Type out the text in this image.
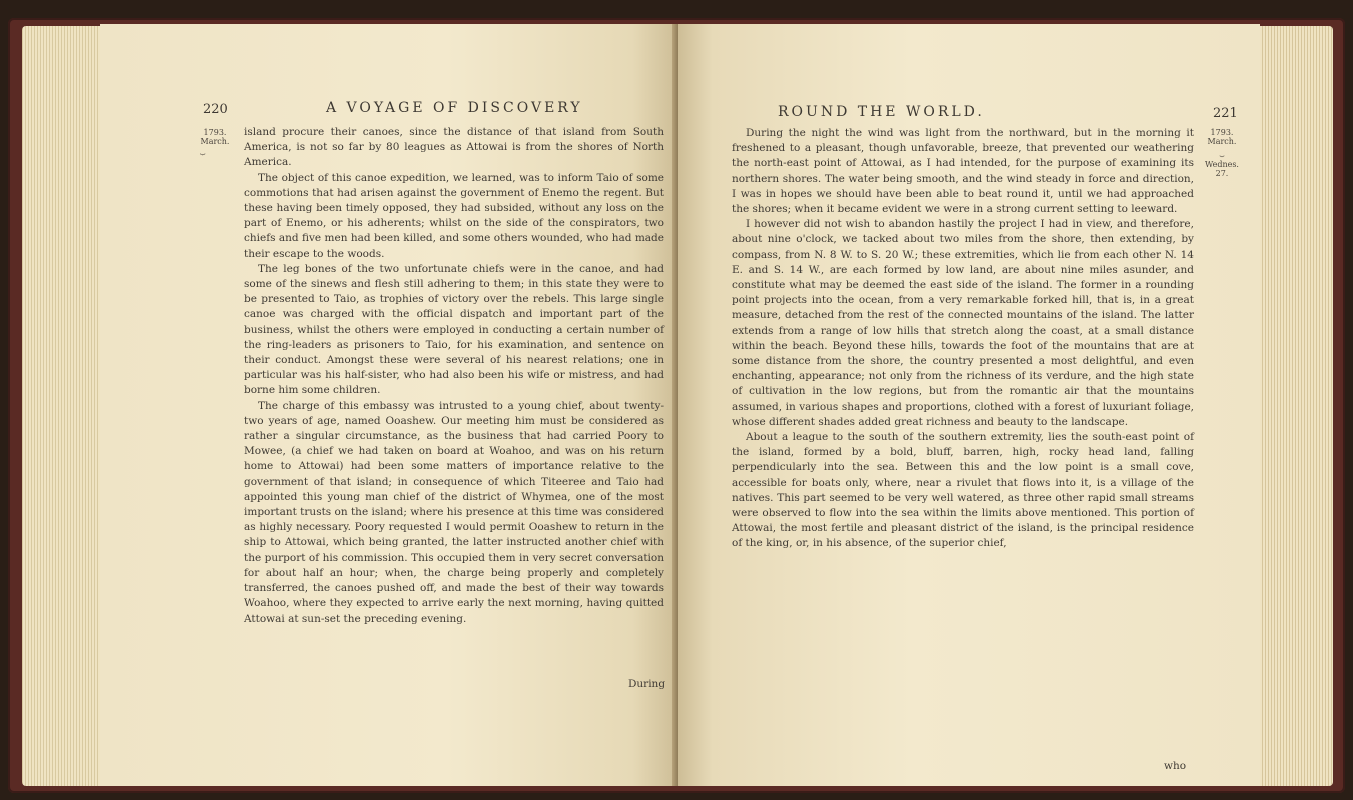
220	A VOYAGE OF DISCOVERY
1793.
March.
⏟

island procure their canoes, since the distance of that island from South America, is not so far by 80 leagues as Attowai is from the shores of North America.

The object of this canoe expedition, we learned, was to inform Taio of some commotions that had arisen against the government of Enemo the regent. But these having been timely opposed, they had subsided, without any loss on the part of Enemo, or his adherents; whilst on the side of the conspirators, two chiefs and five men had been killed, and some others wounded, who had made their escape to the woods.

The leg bones of the two unfortunate chiefs were in the canoe, and had some of the sinews and flesh still adhering to them; in this state they were to be presented to Taio, as trophies of victory over the rebels. This large single canoe was charged with the official dispatch and important part of the business, whilst the others were employed in conducting a certain number of the ring-leaders as prisoners to Taio, for his examination, and sentence on their conduct. Amongst these were several of his nearest relations; one in particular was his half-sister, who had also been his wife or mistress, and had borne him some children.

The charge of this embassy was intrusted to a young chief, about twenty-two years of age, named Ooashew. Our meeting him must be considered as rather a singular circumstance, as the business that had carried Poory to Mowee, (a chief we had taken on board at Woahoo, and was on his return home to Attowai) had been some matters of importance relative to the government of that island; in consequence of which Titeeree and Taio had appointed this young man chief of the district of Whymea, one of the most important trusts on the island; where his presence at this time was considered as highly necessary. Poory requested I would permit Ooashew to return in the ship to Attowai, which being granted, the latter instructed another chief with the purport of his commission. This occupied them in very secret conversation for about half an hour; when, the charge being properly and completely transferred, the canoes pushed off, and made the best of their way towards Woahoo, where they expected to arrive early the next morning, having quitted Attowai at sun-set the preceding evening.

During
ROUND THE WORLD.	221
1793.
March.
⏟
Wednes. 27.

During the night the wind was light from the northward, but in the morning it freshened to a pleasant, though unfavorable, breeze, that prevented our weathering the north-east point of Attowai, as I had intended, for the purpose of examining its northern shores. The water being smooth, and the wind steady in force and direction, I was in hopes we should have been able to beat round it, until we had approached the shores; when it became evident we were in a strong current setting to leeward.

I however did not wish to abandon hastily the project I had in view, and therefore, about nine o'clock, we tacked about two miles from the shore, then extending, by compass, from N. 8 W. to S. 20 W.; these extremities, which lie from each other N. 14 E. and S. 14 W., are each formed by low land, are about nine miles asunder, and constitute what may be deemed the east side of the island. The former in a rounding point projects into the ocean, from a very remarkable forked hill, that is, in a great measure, detached from the rest of the connected mountains of the island. The latter extends from a range of low hills that stretch along the coast, at a small distance within the beach. Beyond these hills, towards the foot of the mountains that are at some distance from the shore, the country presented a most delightful, and even enchanting, appearance; not only from the richness of its verdure, and the high state of cultivation in the low regions, but from the romantic air that the mountains assumed, in various shapes and proportions, clothed with a forest of luxuriant foliage, whose different shades added great richness and beauty to the landscape.

About a league to the south of the southern extremity, lies the south-east point of the island, formed by a bold, bluff, barren, high, rocky head land, falling perpendicularly into the sea. Between this and the low point is a small cove, accessible for boats only, where, near a rivulet that flows into it, is a village of the natives. This part seemed to be very well watered, as three other rapid small streams were observed to flow into the sea within the limits above mentioned. This portion of Attowai, the most fertile and pleasant district of the island, is the principal residence of the king, or, in his absence, of the superior chief,

who
